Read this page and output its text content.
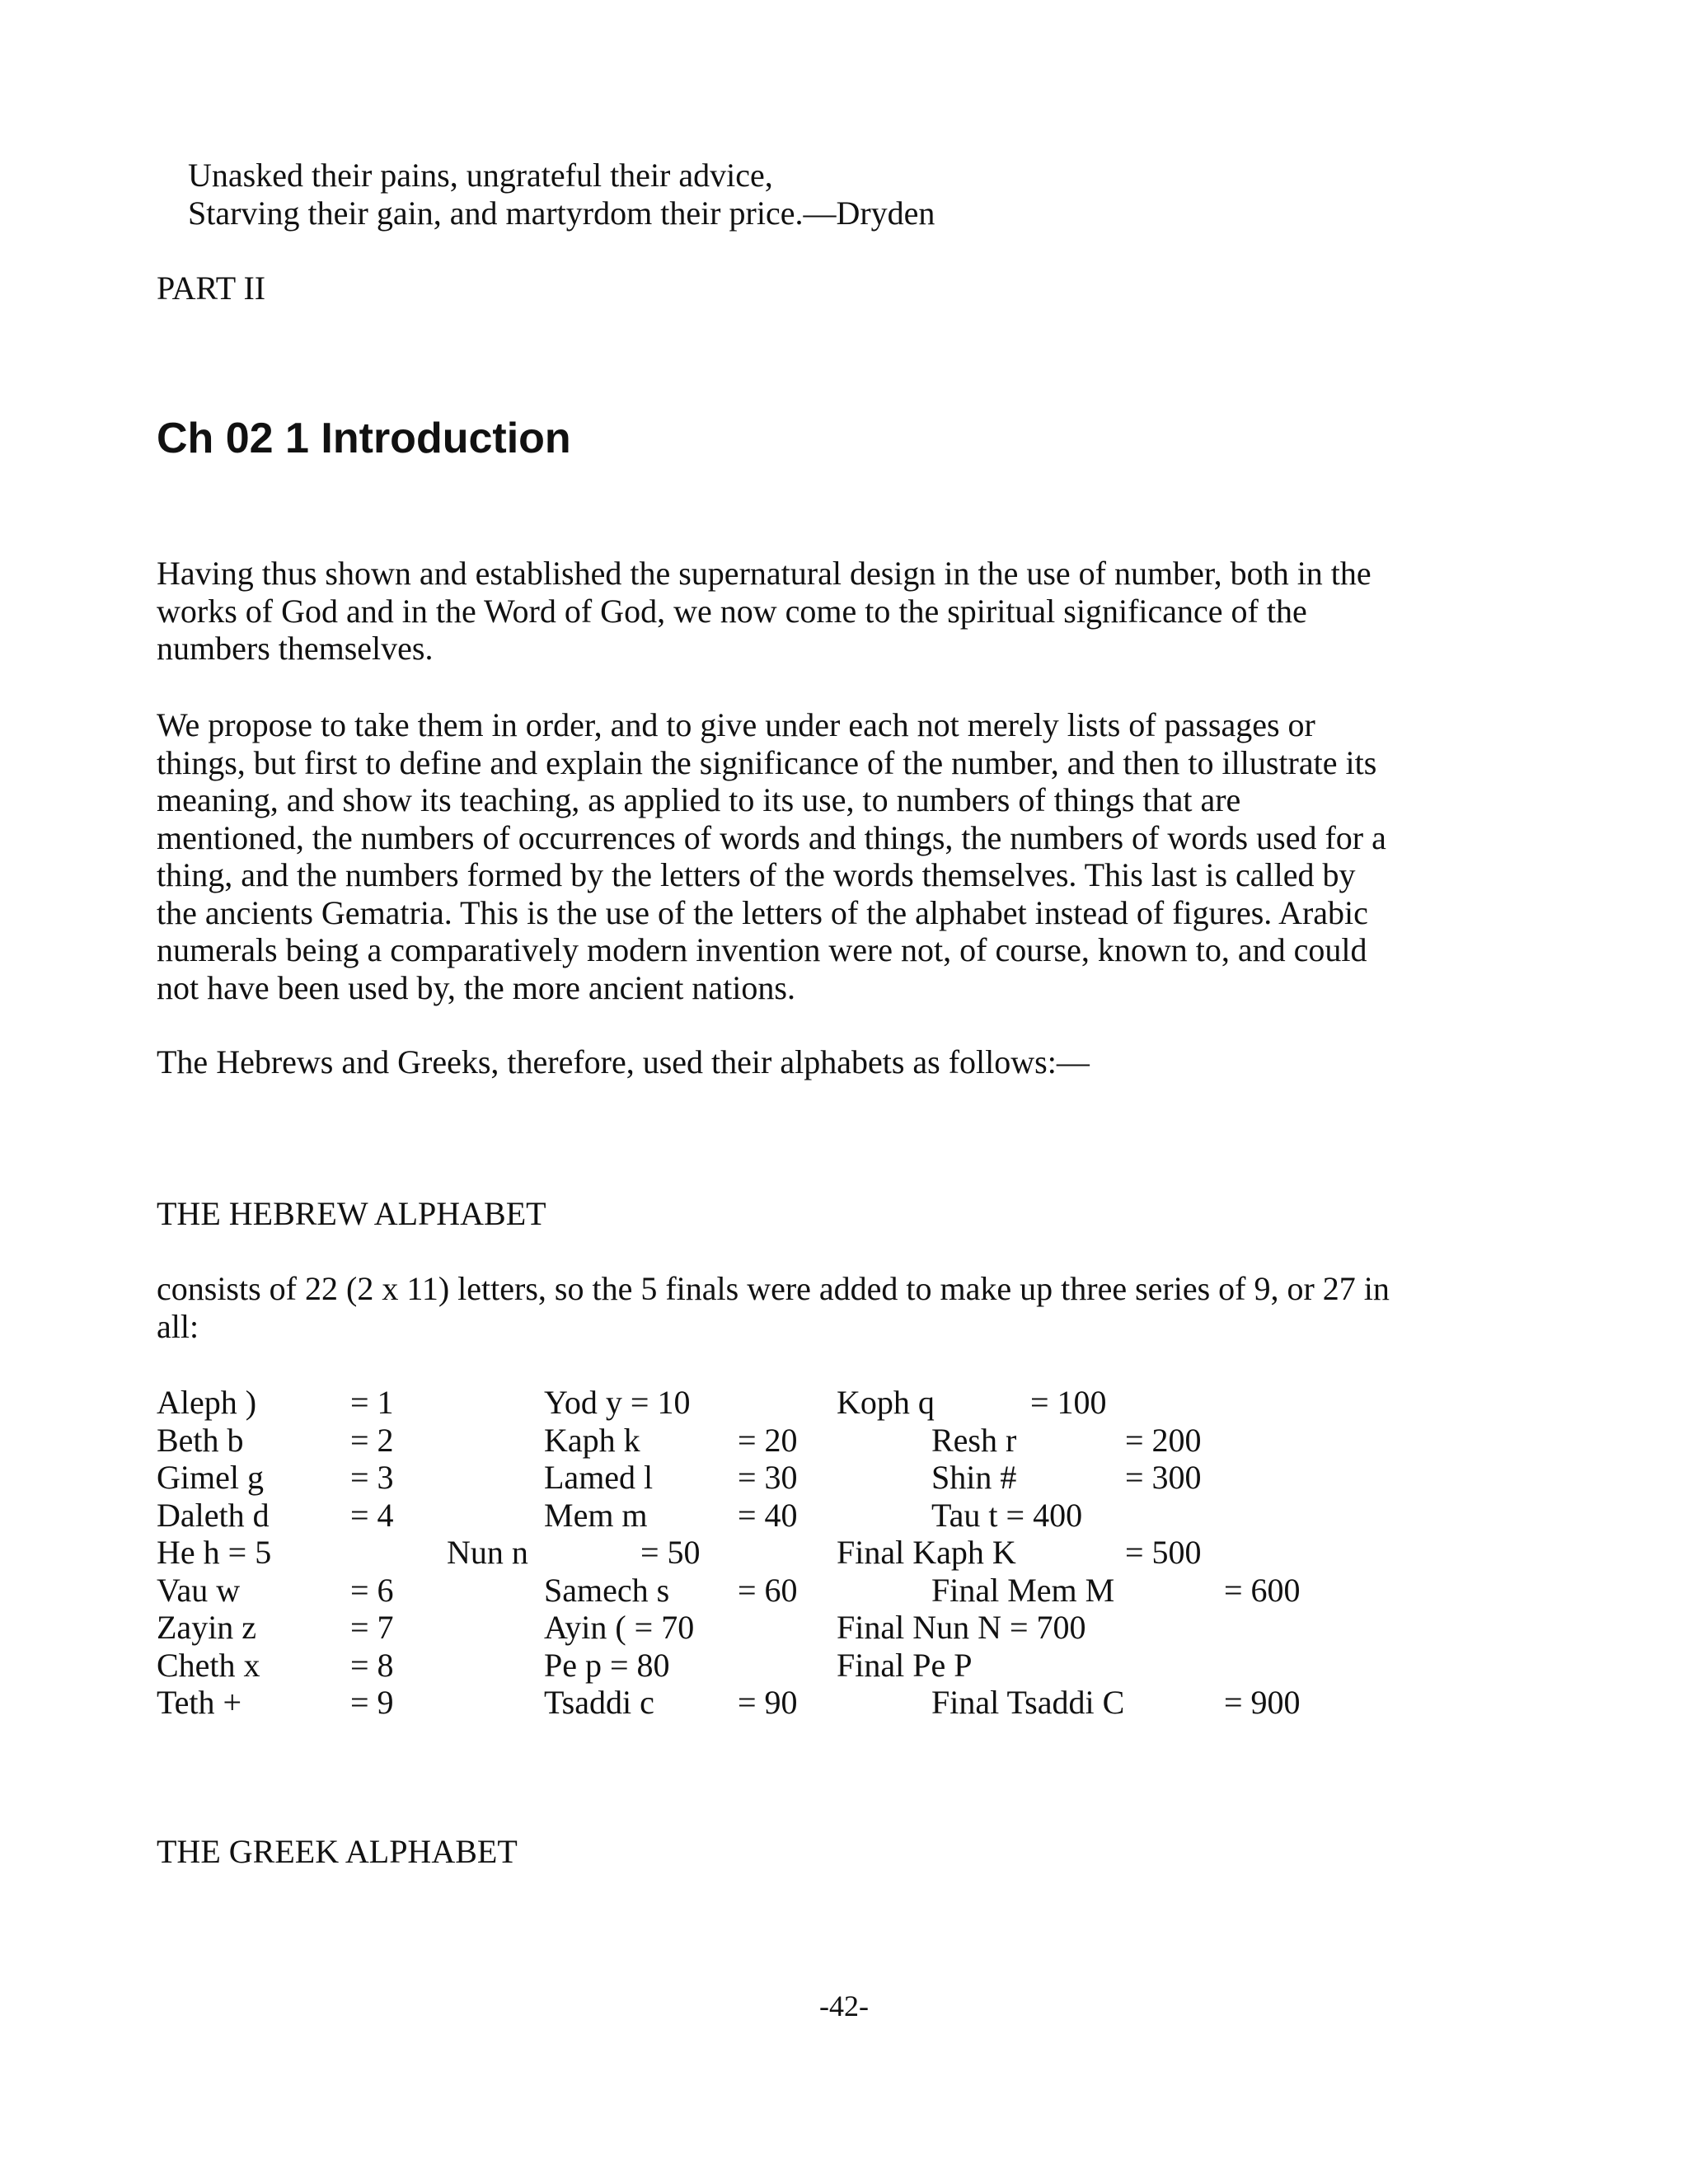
Unasked their pains, ungrateful their advice,
Starving their gain, and martyrdom their price.—Dryden
PART II
Ch 02 1 Introduction
Having thus shown and established the supernatural design in the use of number, both in the
works of God and in the Word of God, we now come to the spiritual significance of the
numbers themselves.
We propose to take them in order, and to give under each not merely lists of passages or
things, but first to define and explain the significance of the number, and then to illustrate its
meaning, and show its teaching, as applied to its use, to numbers of things that are
mentioned, the numbers of occurrences of words and things, the numbers of words used for a
thing, and the numbers formed by the letters of the words themselves. This last is called by
the ancients Gematria. This is the use of the letters of the alphabet instead of figures. Arabic
numerals being a comparatively modern invention were not, of course, known to, and could
not have been used by, the more ancient nations.
The Hebrews and Greeks, therefore, used their alphabets as follows:—
THE HEBREW ALPHABET
consists of 22 (2 x 11) letters, so the 5 finals were added to make up three series of 9, or 27 in
all:
Aleph )	= 1	Yod y = 10	Koph q	= 100
Beth b	= 2	Kaph k	= 20	Resh r	= 200
Gimel g	= 3	Lamed l	= 30	Shin #	= 300
Daleth d = 4	Mem m	= 40	Tau t = 400
He h = 5	Nun n	= 50	Final Kaph K	= 500
Vau w	= 6	Samech s = 60	Final Mem M	= 600
Zayin z	= 7	Ayin ( = 70	Final Nun N = 700
Cheth x	= 8	Pe p = 80	Final Pe P
Teth +	= 9	Tsaddi c	= 90	Final Tsaddi C	= 900
THE GREEK ALPHABET
-42-
